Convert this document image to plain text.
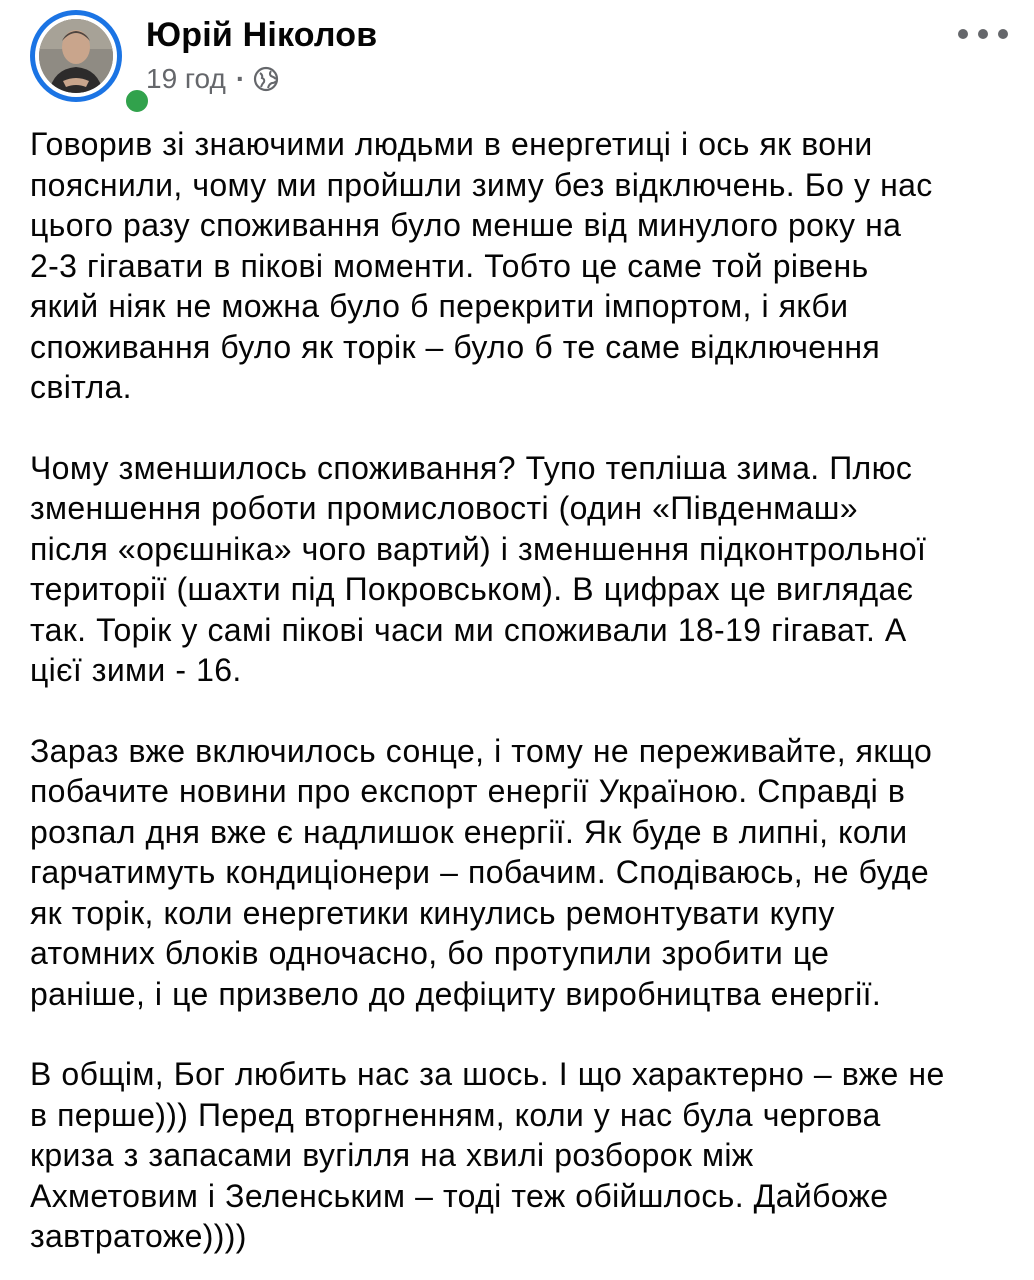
Юрій Ніколов
19 год ·
Говорив зі знаючими людьми в енергетиці і ось як вони
пояснили, чому ми пройшли зиму без відключень. Бо у нас
цього разу споживання було менше від минулого року на
2-3 гігавати в пікові моменти. Тобто це саме той рівень
який ніяк не можна було б перекрити імпортом, і якби
споживання було як торік – було б те саме відключення
світла.
Чому зменшилось споживання? Тупо тепліша зима. Плюс
зменшення роботи промисловості (один «Південмаш»
після «орєшніка» чого вартий) і зменшення підконтрольної
території (шахти під Покровськом). В цифрах це виглядає
так. Торік у самі пікові часи ми споживали 18-19 гігават. А
цієї зими - 16.
Зараз вже включилось сонце, і тому не переживайте, якщо
побачите новини про експорт енергії Україною. Справді в
розпал дня вже є надлишок енергії. Як буде в липні, коли
гарчатимуть кондиціонери – побачим. Сподіваюсь, не буде
як торік, коли енергетики кинулись ремонтувати купу
атомних блоків одночасно, бо протупили зробити це
раніше, і це призвело до дефіциту виробництва енергії.
В общім, Бог любить нас за шось. І що характерно – вже не
в перше))) Перед вторгненням, коли у нас була чергова
криза з запасами вугілля на хвилі розборок між
Ахметовим і Зеленським – тоді теж обійшлось. Дайбоже
завтратоже))))
